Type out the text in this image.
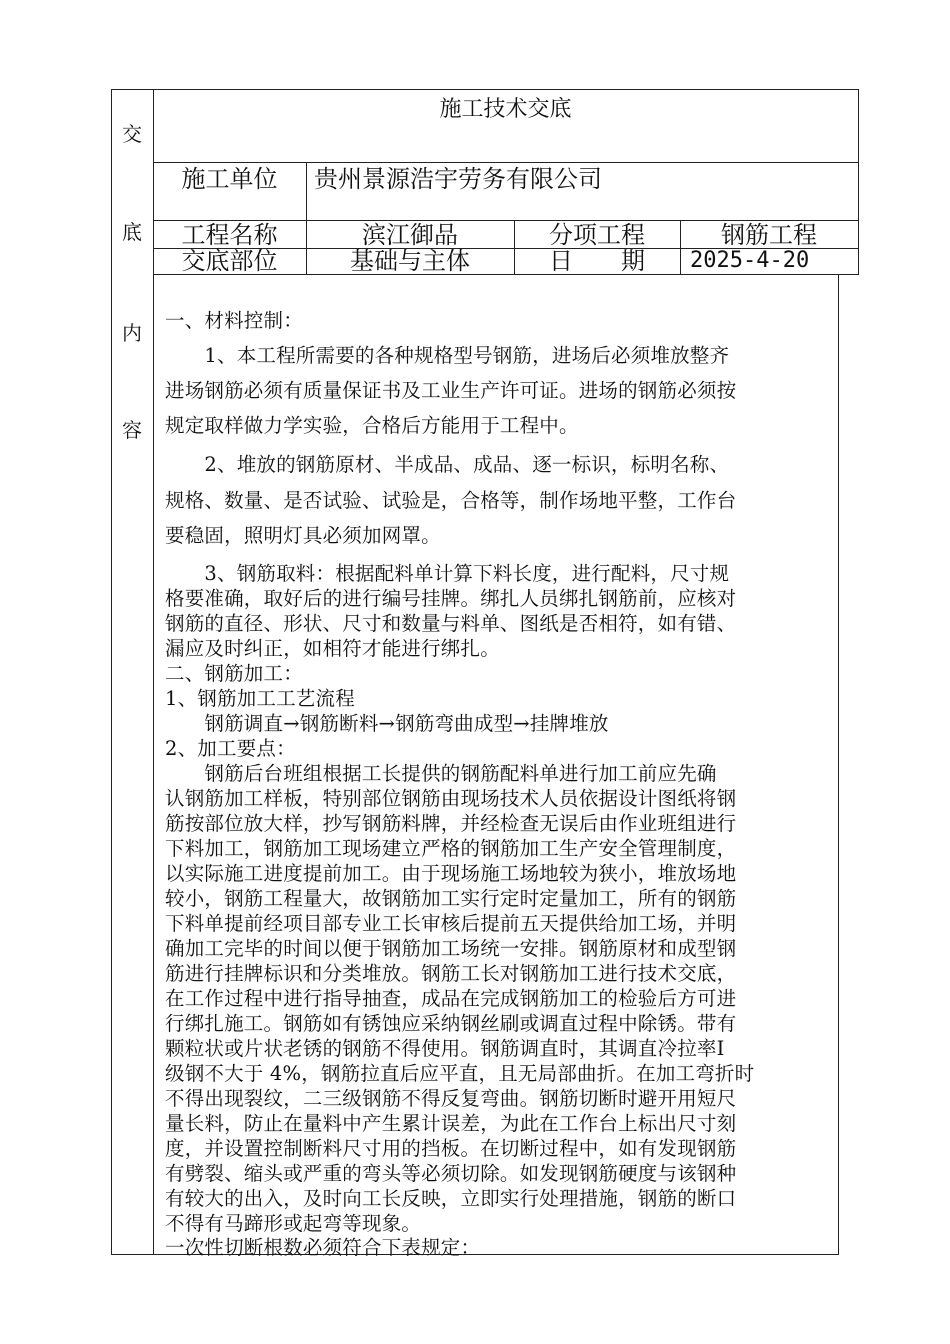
交
底
内
容
施工技术交底
施工单位	贵州景源浩宇劳务有限公司
工程名称	滨江御品	分项工程	钢筋工程
交底部位	基础与主体	日　　期	2025-4-20
一、材料控制：
　　1、本工程所需要的各种规格型号钢筋，进场后必须堆放整齐
进场钢筋必须有质量保证书及工业生产许可证。进场的钢筋必须按
规定取样做力学实验，合格后方能用于工程中。
　　2、堆放的钢筋原材、半成品、成品、逐一标识，标明名称、
规格、数量、是否试验、试验是，合格等，制作场地平整，工作台
要稳固，照明灯具必须加网罩。
　　3、钢筋取料：根据配料单计算下料长度，进行配料，尺寸规
格要准确，取好后的进行编号挂牌。绑扎人员绑扎钢筋前，应核对
钢筋的直径、形状、尺寸和数量与料单、图纸是否相符，如有错、
漏应及时纠正，如相符才能进行绑扎。
二、钢筋加工：
1、钢筋加工工艺流程
　　钢筋调直→钢筋断料→钢筋弯曲成型→挂牌堆放
2、加工要点：
　　钢筋后台班组根据工长提供的钢筋配料单进行加工前应先确
认钢筋加工样板，特别部位钢筋由现场技术人员依据设计图纸将钢
筋按部位放大样，抄写钢筋料牌，并经检查无误后由作业班组进行
下料加工，钢筋加工现场建立严格的钢筋加工生产安全管理制度，
以实际施工进度提前加工。由于现场施工场地较为狭小，堆放场地
较小，钢筋工程量大，故钢筋加工实行定时定量加工，所有的钢筋
下料单提前经项目部专业工长审核后提前五天提供给加工场，并明
确加工完毕的时间以便于钢筋加工场统一安排。钢筋原材和成型钢
筋进行挂牌标识和分类堆放。钢筋工长对钢筋加工进行技术交底，
在工作过程中进行指导抽查，成品在完成钢筋加工的检验后方可进
行绑扎施工。钢筋如有锈蚀应采纳钢丝刷或调直过程中除锈。带有
颗粒状或片状老锈的钢筋不得使用。钢筋调直时，其调直冷拉率Ⅰ
级钢不大于 4%，钢筋拉直后应平直，且无局部曲折。在加工弯折时
不得出现裂纹，二三级钢筋不得反复弯曲。钢筋切断时避开用短尺
量长料，防止在量料中产生累计误差，为此在工作台上标出尺寸刻
度，并设置控制断料尺寸用的挡板。在切断过程中，如有发现钢筋
有劈裂、缩头或严重的弯头等必须切除。如发现钢筋硬度与该钢种
有较大的出入，及时向工长反映，立即实行处理措施，钢筋的断口
不得有马蹄形或起弯等现象。
一次性切断根数必须符合下表规定：
